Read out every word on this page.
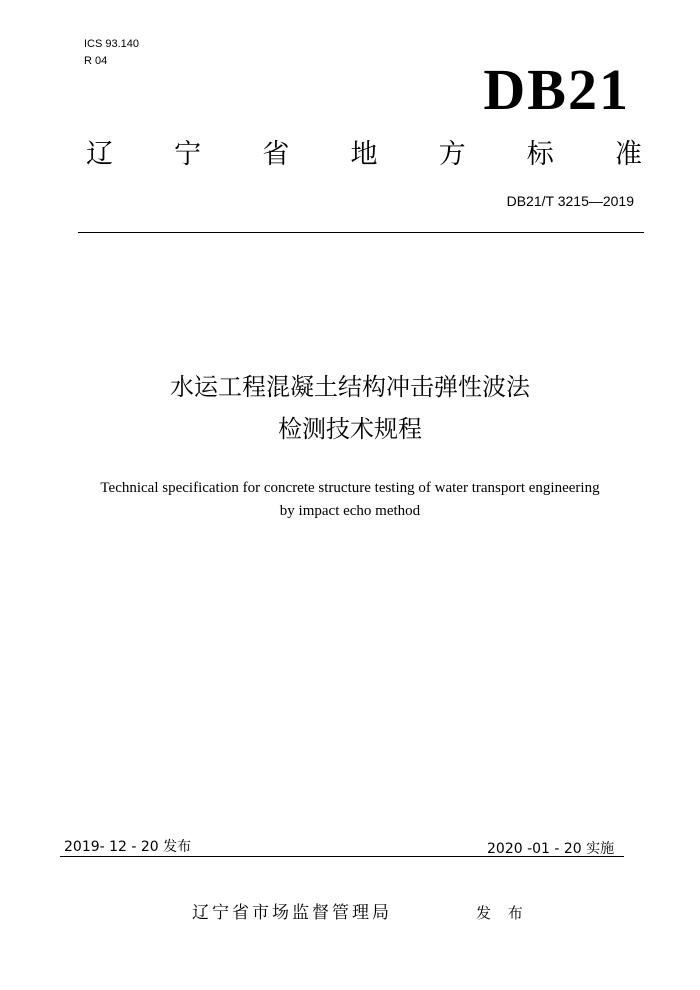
ICS 93.140
R 04	DB21
辽 宁 省 地 方 标 准
DB21/T 3215—2019
水运工程混凝土结构冲击弹性波法
检测技术规程
Technical specification for concrete structure testing of water transport engineering
by impact echo method
2019- 12 - 20 发布	2020 -01 - 20 实施
辽宁省市场监督管理局	发 布
